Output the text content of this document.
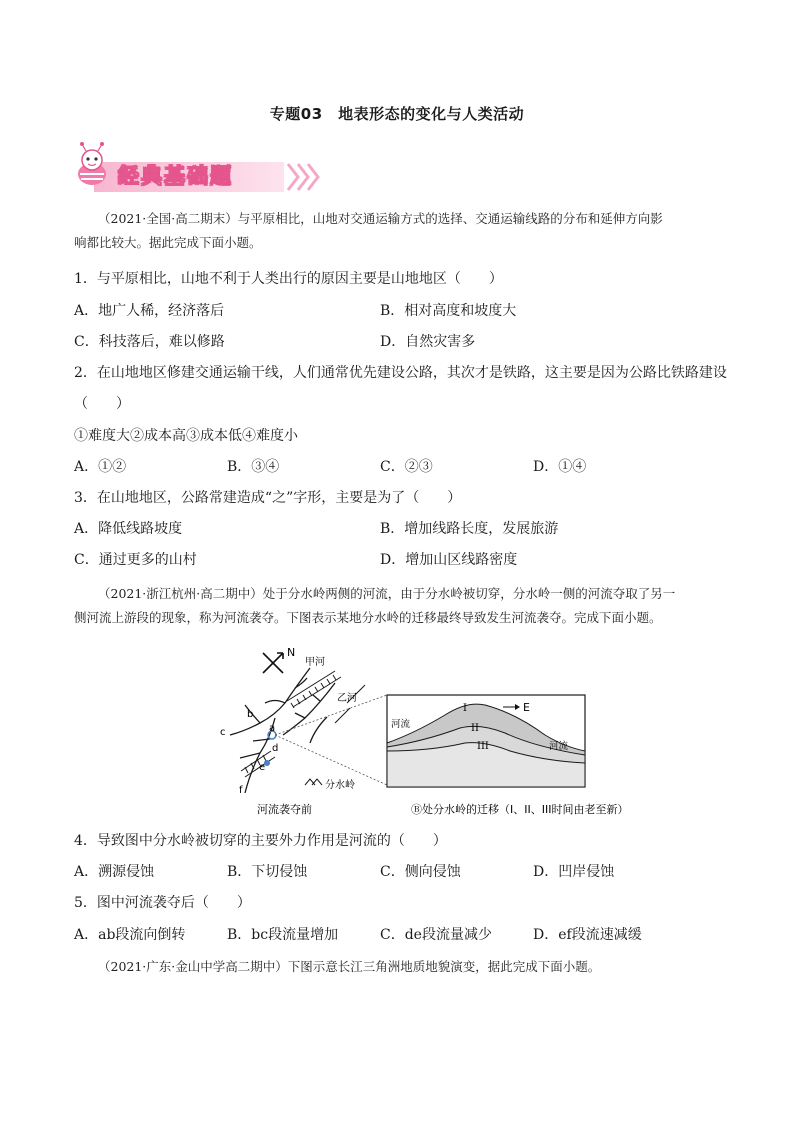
专题03　地表形态的变化与人类活动
经典基础题
（2021·全国·高二期末）与平原相比，山地对交通运输方式的选择、交通运输线路的分布和延伸方向影
响都比较大。据此完成下面小题。
1．与平原相比，山地不利于人类出行的原因主要是山地地区（　　）
A．地广人稀，经济落后	B．相对高度和坡度大
C．科技落后，难以修路	D．自然灾害多
2．在山地地区修建交通运输干线，人们通常优先建设公路，其次才是铁路，这主要是因为公路比铁路建设
（　　）
①难度大②成本高③成本低④难度小
A．①②	B．③④	C．②③	D．①④
3．在山地地区，公路常建造成“之”字形，主要是为了（　　）
A．降低线路坡度	B．增加线路长度，发展旅游
C．通过更多的山村	D．增加山区线路密度
（2021·浙江杭州·高二期中）处于分水岭两侧的河流，由于分水岭被切穿，分水岭一侧的河流夺取了另一
侧河流上游段的现象，称为河流袭夺。下图表示某地分水岭的迁移最终导致发生河流袭夺。完成下面小题。
N
甲河
乙河
b
c	a
d
e
f	分水岭
河流袭夺前
河流
河流
I
II
III
E
Ⓑ处分水岭的迁移（I、II、III时间由老至新）
4．导致图中分水岭被切穿的主要外力作用是河流的（　　）
A．溯源侵蚀	B．下切侵蚀	C．侧向侵蚀	D．凹岸侵蚀
5．图中河流袭夺后（　　）
A．ab段流向倒转	B．bc段流量增加	C．de段流量减少	D．ef段流速减缓
（2021·广东·金山中学高二期中）下图示意长江三角洲地质地貌演变，据此完成下面小题。
